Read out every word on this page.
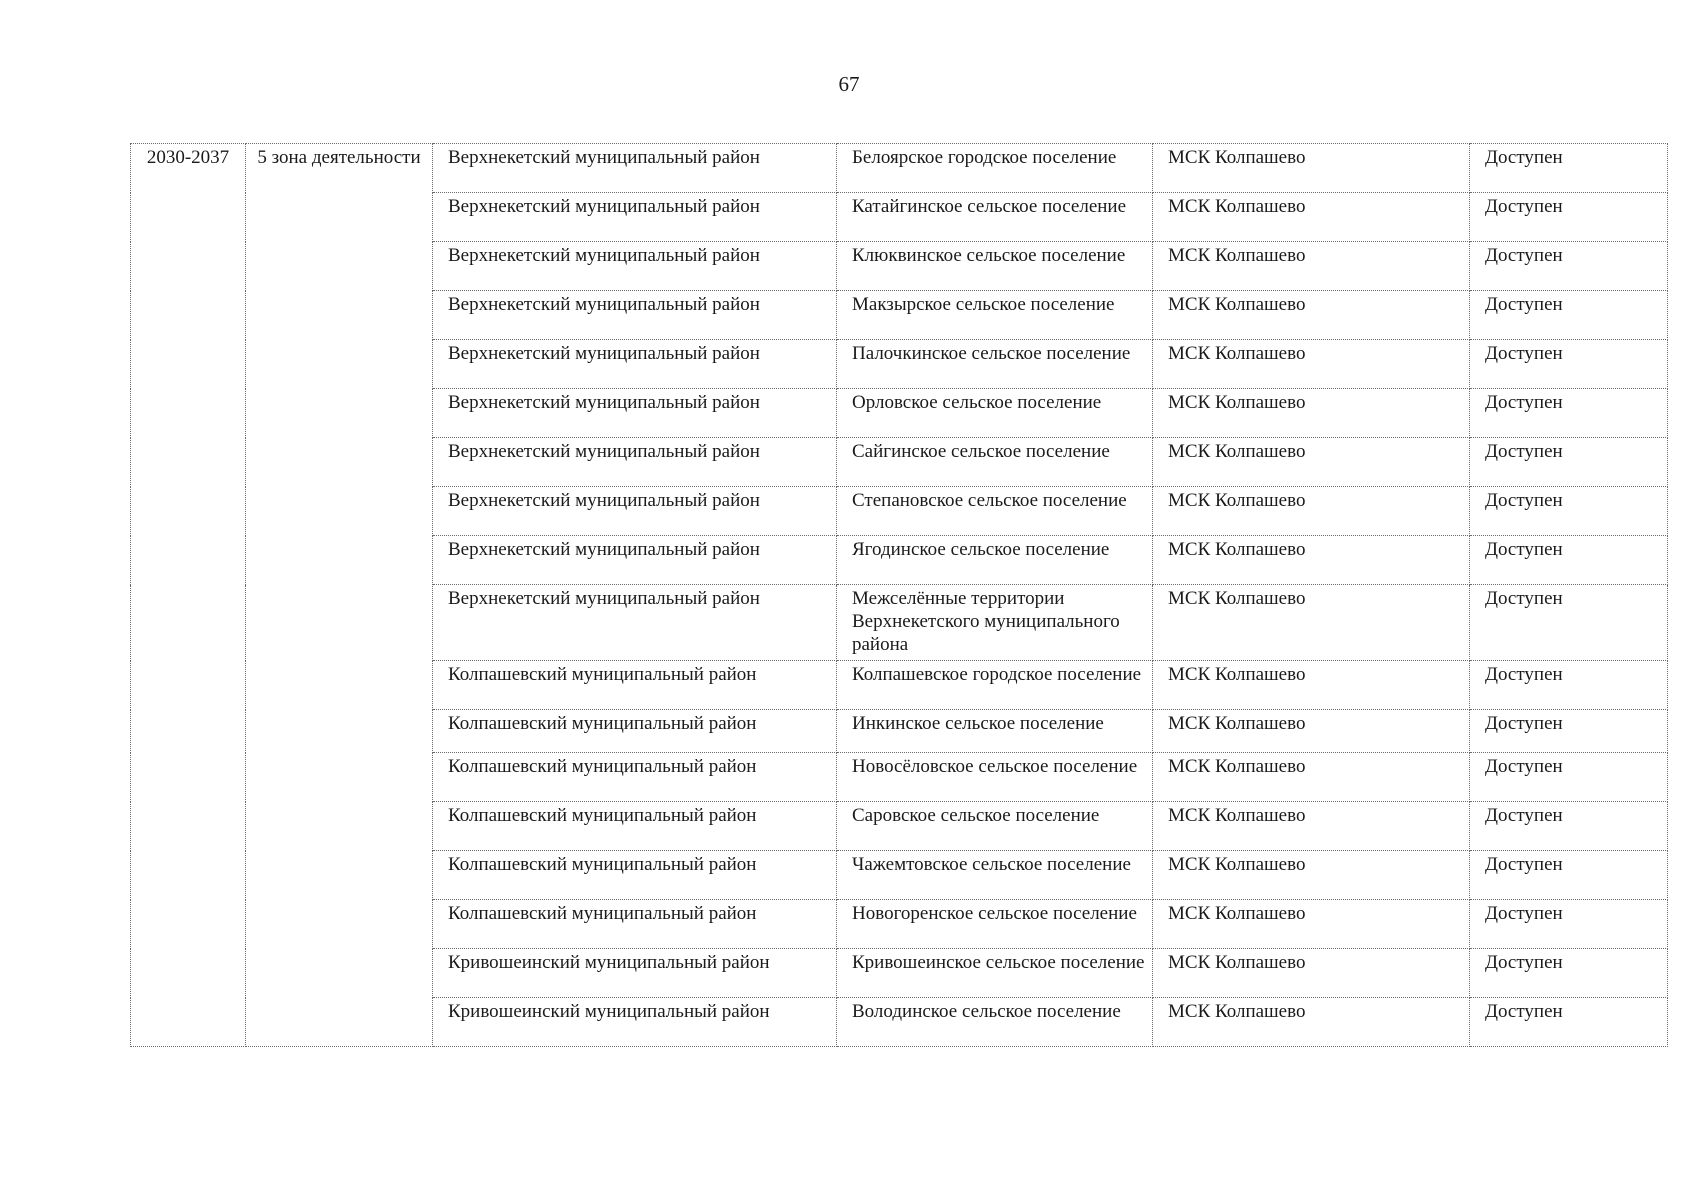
67
2030-2037	5 зона деятельности	Верхнекетский муниципальный район	Белоярское городское поселение	МСК Колпашево	Доступен
		Верхнекетский муниципальный район	Катайгинское сельское поселение	МСК Колпашево	Доступен
		Верхнекетский муниципальный район	Клюквинское сельское поселение	МСК Колпашево	Доступен
		Верхнекетский муниципальный район	Макзырское сельское поселение	МСК Колпашево	Доступен
		Верхнекетский муниципальный район	Палочкинское сельское поселение	МСК Колпашево	Доступен
		Верхнекетский муниципальный район	Орловское сельское поселение	МСК Колпашево	Доступен
		Верхнекетский муниципальный район	Сайгинское сельское поселение	МСК Колпашево	Доступен
		Верхнекетский муниципальный район	Степановское сельское поселение	МСК Колпашево	Доступен
		Верхнекетский муниципальный район	Ягодинское сельское поселение	МСК Колпашево	Доступен
		Верхнекетский муниципальный район	Межселённые территории Верхнекетского муниципального района	МСК Колпашево	Доступен
		Колпашевский муниципальный район	Колпашевское городское поселение	МСК Колпашево	Доступен
		Колпашевский муниципальный район	Инкинское сельское поселение	МСК Колпашево	Доступен
		Колпашевский муниципальный район	Новосёловское сельское поселение	МСК Колпашево	Доступен
		Колпашевский муниципальный район	Саровское сельское поселение	МСК Колпашево	Доступен
		Колпашевский муниципальный район	Чажемтовское сельское поселение	МСК Колпашево	Доступен
		Колпашевский муниципальный район	Новогоренское сельское поселение	МСК Колпашево	Доступен
		Кривошеинский муниципальный район	Кривошеинское сельское поселение	МСК Колпашево	Доступен
		Кривошеинский муниципальный район	Володинское сельское поселение	МСК Колпашево	Доступен
